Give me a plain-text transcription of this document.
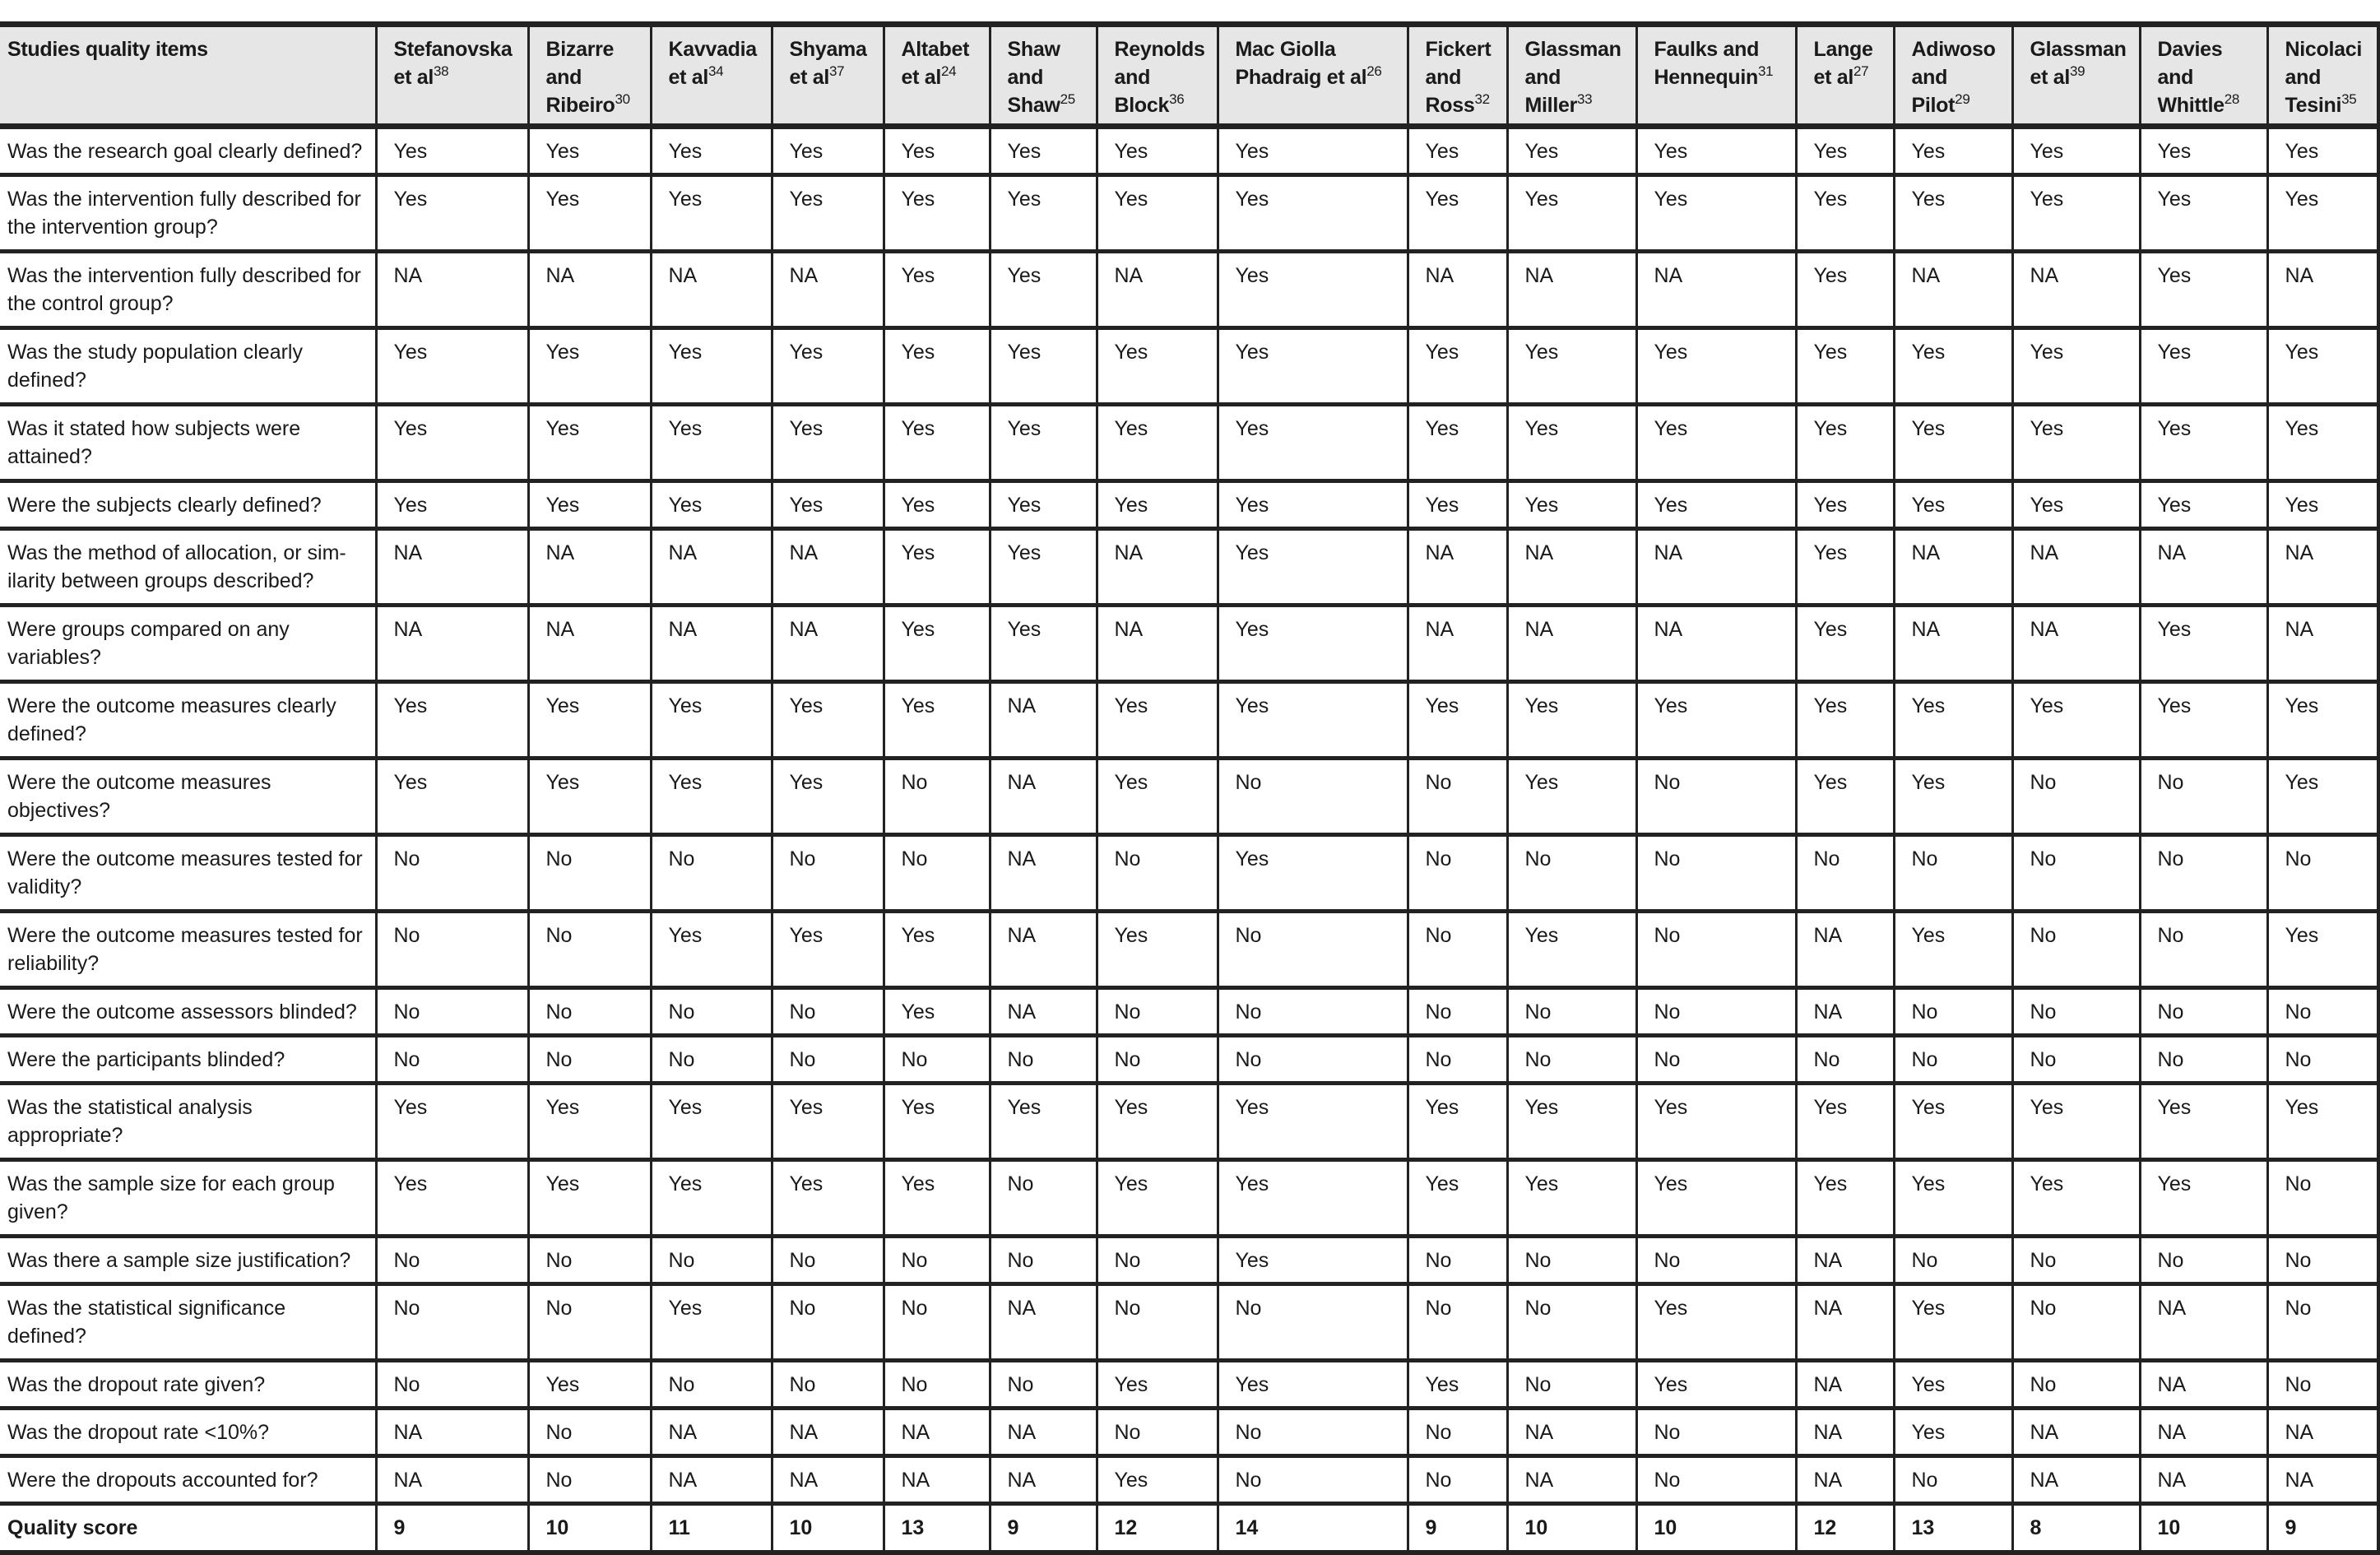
Studies quality items	Stefanovska et $al^{38}$	Bizarre and Ribeiro$^{30}$	Kavvadia et $al^{34}$	Shyama et $al^{37}$	Altabet et $al^{24}$	Shaw and Shaw$^{25}$	Reynolds and Block$^{36}$	Mac Giolla Phadraig et $al^{26}$	Fickert and Ross$^{32}$	Glassman and Miller$^{33}$	Faulks and Hennequin$^{31}$	Lange et $al^{27}$	Adiwoso and Pilot$^{29}$	Glassman et $al^{39}$	Davies and Whittle$^{28}$	Nicolaci and Tesini$^{35}$
Was the research goal clearly defined?	Yes	Yes	Yes	Yes	Yes	Yes	Yes	Yes	Yes	Yes	Yes	Yes	Yes	Yes	Yes	Yes
Was the intervention fully described for the intervention group?	Yes	Yes	Yes	Yes	Yes	Yes	Yes	Yes	Yes	Yes	Yes	Yes	Yes	Yes	Yes	Yes
Was the intervention fully described for the control group?	NA	NA	NA	NA	Yes	Yes	NA	Yes	NA	NA	NA	Yes	NA	NA	Yes	NA
Was the study population clearly defined?	Yes	Yes	Yes	Yes	Yes	Yes	Yes	Yes	Yes	Yes	Yes	Yes	Yes	Yes	Yes	Yes
Was it stated how subjects were attained?	Yes	Yes	Yes	Yes	Yes	Yes	Yes	Yes	Yes	Yes	Yes	Yes	Yes	Yes	Yes	Yes
Were the subjects clearly defined?	Yes	Yes	Yes	Yes	Yes	Yes	Yes	Yes	Yes	Yes	Yes	Yes	Yes	Yes	Yes	Yes
Was the method of allocation, or sim-ilarity between groups described?	NA	NA	NA	NA	Yes	Yes	NA	Yes	NA	NA	NA	Yes	NA	NA	NA	NA
Were groups compared on any variables?	NA	NA	NA	NA	Yes	Yes	NA	Yes	NA	NA	NA	Yes	NA	NA	Yes	NA
Were the outcome measures clearly defined?	Yes	Yes	Yes	Yes	Yes	NA	Yes	Yes	Yes	Yes	Yes	Yes	Yes	Yes	Yes	Yes
Were the outcome measures objectives?	Yes	Yes	Yes	Yes	No	NA	Yes	No	No	Yes	No	Yes	Yes	No	No	Yes
Were the outcome measures tested for validity?	No	No	No	No	No	NA	No	Yes	No	No	No	No	No	No	No	No
Were the outcome measures tested for reliability?	No	No	Yes	Yes	Yes	NA	Yes	No	No	Yes	No	NA	Yes	No	No	Yes
Were the outcome assessors blinded?	No	No	No	No	Yes	NA	No	No	No	No	No	NA	No	No	No	No
Were the participants blinded?	No	No	No	No	No	No	No	No	No	No	No	No	No	No	No	No
Was the statistical analysis appropriate?	Yes	Yes	Yes	Yes	Yes	Yes	Yes	Yes	Yes	Yes	Yes	Yes	Yes	Yes	Yes	Yes
Was the sample size for each group given?	Yes	Yes	Yes	Yes	Yes	No	Yes	Yes	Yes	Yes	Yes	Yes	Yes	Yes	Yes	No
Was there a sample size justification?	No	No	No	No	No	No	No	Yes	No	No	No	NA	No	No	No	No
Was the statistical significance defined?	No	No	Yes	No	No	NA	No	No	No	No	Yes	NA	Yes	No	NA	No
Was the dropout rate given?	No	Yes	No	No	No	No	Yes	Yes	Yes	No	Yes	NA	Yes	No	NA	No
Was the dropout rate <10%?	NA	No	NA	NA	NA	NA	No	No	No	NA	No	NA	Yes	NA	NA	NA
Were the dropouts accounted for?	NA	No	NA	NA	NA	NA	Yes	No	No	NA	No	NA	No	NA	NA	NA
Quality score	9	10	11	10	13	9	12	14	9	10	10	12	13	8	10	9
